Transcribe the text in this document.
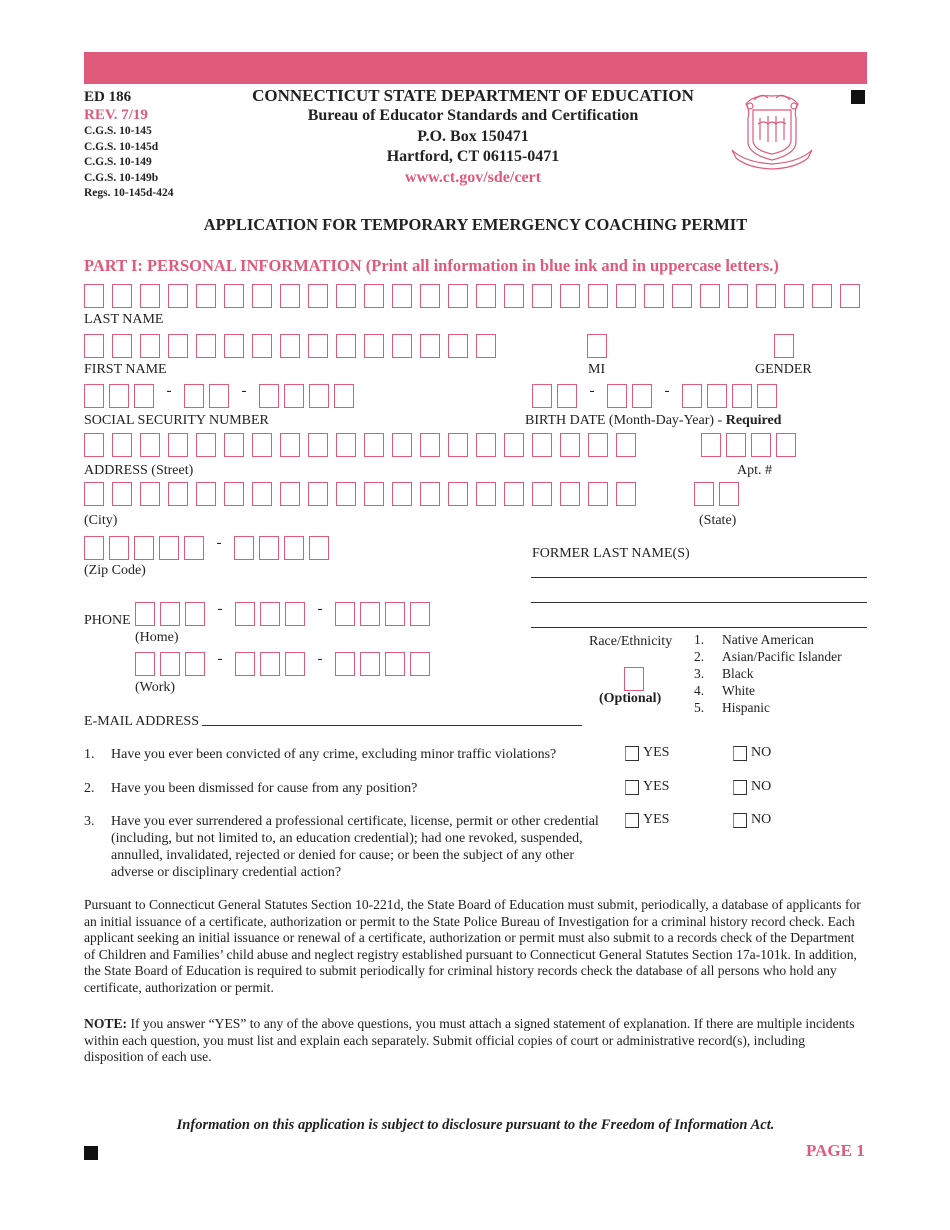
ED 186
REV. 7/19
C.G.S. 10-145
C.G.S. 10-145d
C.G.S. 10-149
C.G.S. 10-149b
Regs. 10-145d-424
CONNECTICUT STATE DEPARTMENT OF EDUCATION
Bureau of Educator Standards and Certification
P.O. Box 150471
Hartford, CT 06115-0471
www.ct.gov/sde/cert
APPLICATION FOR TEMPORARY EMERGENCY COACHING PERMIT
PART I: PERSONAL INFORMATION (Print all information in blue ink and in uppercase letters.)
LAST NAME
FIRST NAME	MI	GENDER
-	-	-	-
SOCIAL SECURITY NUMBER	BIRTH DATE (Month-Day-Year) - Required
ADDRESS (Street)	Apt. #
(City)	(State)
-
(Zip Code)
FORMER LAST NAME(S)
PHONE
-	-
(Home)
-	-
(Work)
Race/Ethnicity
(Optional)
1.	Native American
2.	Asian/Pacific Islander
3.	Black
4.	White
5.	Hispanic
E-MAIL ADDRESS
1. Have you ever been convicted of any crime, excluding minor traffic violations?	YES	NO
2. Have you been dismissed for cause from any position?	YES	NO
3. Have you ever surrendered a professional certificate, license, permit or other credential (including, but not limited to, an education credential); had one revoked, suspended, annulled, invalidated, rejected or denied for cause; or been the subject of any other adverse or disciplinary credential action?
YES	NO
Pursuant to Connecticut General Statutes Section 10-221d, the State Board of Education must submit, periodically, a database of applicants for an initial issuance of a certificate, authorization or permit to the State Police Bureau of Investigation for a criminal history record check. Each applicant seeking an initial issuance or renewal of a certificate, authorization or permit must also submit to a records check of the Department of Children and Families’ child abuse and neglect registry established pursuant to Connecticut General Statutes Section 17a-101k. In addition, the State Board of Education is required to submit periodically for criminal history records check the database of all persons who hold any certificate, authorization or permit.
NOTE: If you answer “YES” to any of the above questions, you must attach a signed statement of explanation. If there are multiple incidents within each question, you must list and explain each separately. Submit official copies of court or administrative record(s), including disposition of each use.
Information on this application is subject to disclosure pursuant to the Freedom of Information Act.
PAGE 1
